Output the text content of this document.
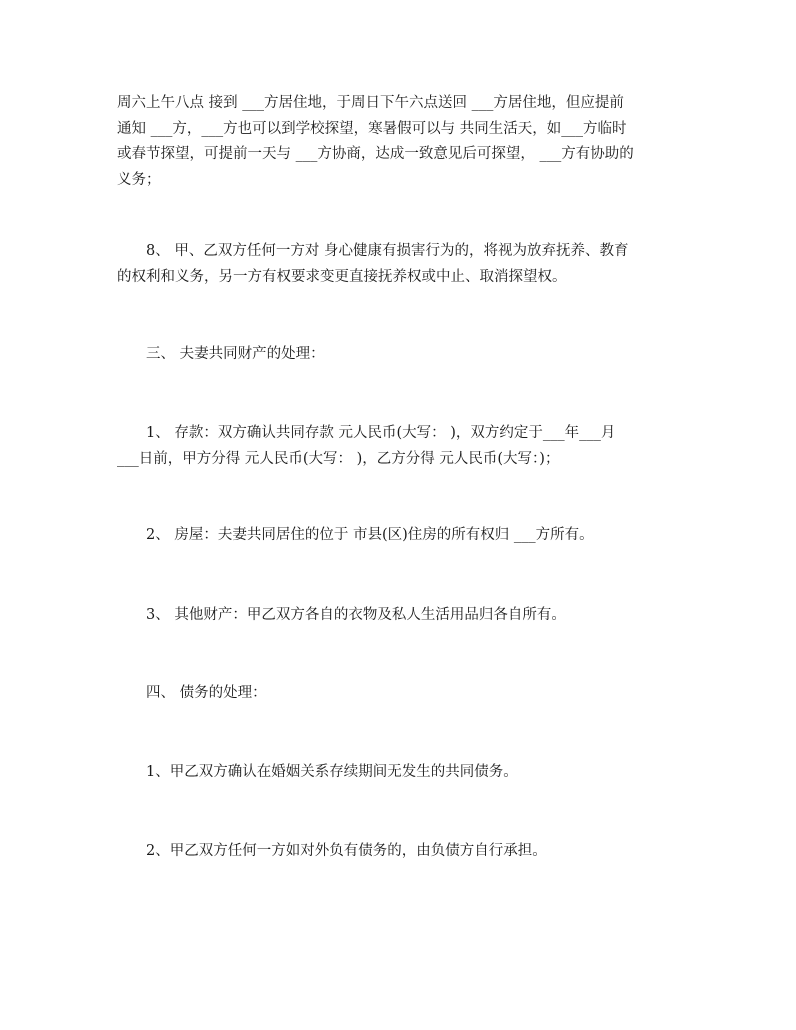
周六上午八点 接到 ___方居住地，于周日下午六点送回 ___方居住地，但应提前
通知 ___方，___方也可以到学校探望，寒暑假可以与 共同生活天，如___方临时
或春节探望，可提前一天与 ___方协商，达成一致意见后可探望， ___方有协助的
义务；
　　8、 甲、乙双方任何一方对 身心健康有损害行为的，将视为放弃抚养、教育
的权利和义务，另一方有权要求变更直接抚养权或中止、取消探望权。
　　三、 夫妻共同财产的处理：
　　1、 存款：双方确认共同存款 元人民币(大写： )，双方约定于___年___月
___日前，甲方分得 元人民币(大写： )，乙方分得 元人民币(大写：)；
　　2、 房屋：夫妻共同居住的位于 市县(区)住房的所有权归 ___方所有。
　　3、 其他财产：甲乙双方各自的衣物及私人生活用品归各自所有。
　　四、 债务的处理：
　　1、甲乙双方确认在婚姻关系存续期间无发生的共同债务。
　　2、甲乙双方任何一方如对外负有债务的，由负债方自行承担。
